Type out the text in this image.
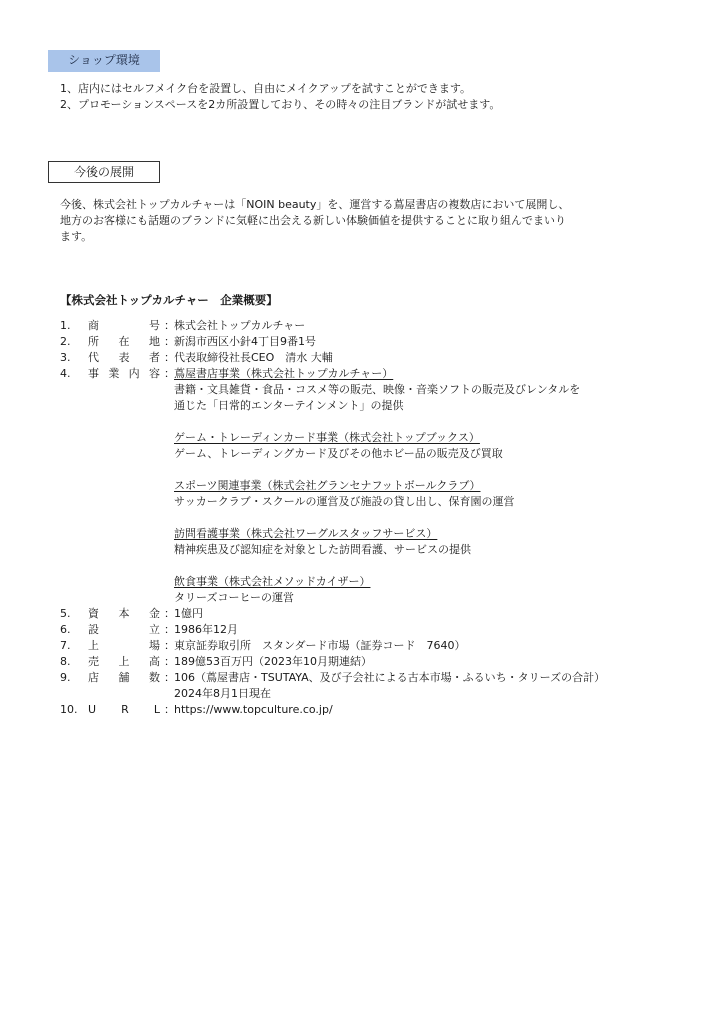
ショップ環境
1、店内にはセルフメイク台を設置し、自由にメイクアップを試すことができます。
2、プロモーションスペースを2カ所設置しており、その時々の注目ブランドが試せます。
今後の展開
今後、株式会社トップカルチャーは「NOIN beauty」を、運営する蔦屋書店の複数店において展開し、
地方のお客様にも話題のブランドに気軽に出会える新しい体験価値を提供することに取り組んでまいり
ます。
【株式会社トップカルチャー　企業概要】
1.	商	号 ： 株式会社トップカルチャー
2.	所 在 地 ： 新潟市西区小針4丁目9番1号
3.	代 表 者 ： 代表取締役社長CEO　清水 大輔
4.	事 業 内 容 ： 蔦屋書店事業（株式会社トップカルチャー）
書籍・文具雑貨・食品・コスメ等の販売、映像・音楽ソフトの販売及びレンタルを
通じた「日常的エンターテインメント」の提供
ゲーム・トレーディンカード事業（株式会社トップブックス）
ゲーム、トレーディングカード及びその他ホビー品の販売及び買取
スポーツ関連事業（株式会社グランセナフットボールクラブ）
サッカークラブ・スクールの運営及び施設の貸し出し、保育園の運営
訪問看護事業（株式会社ワーグルスタッフサービス）
精神疾患及び認知症を対象とした訪問看護、サービスの提供
飲食事業（株式会社メソッドカイザー）
タリーズコーヒーの運営
5.	資 本 金 ： 1億円
6.	設	立 ： 1986年12月
7.	上	場 ： 東京証券取引所　スタンダード市場（証券コード　7640）
8.	売 上 高 ： 189億53百万円（2023年10月期連結）
9.	店 舗 数 ： 106（蔦屋書店・TSUTAYA、及び子会社による古本市場・ふるいち・タリーズの合計）
2024年8月1日現在
10. U R L ： https://www.topculture.co.jp/
